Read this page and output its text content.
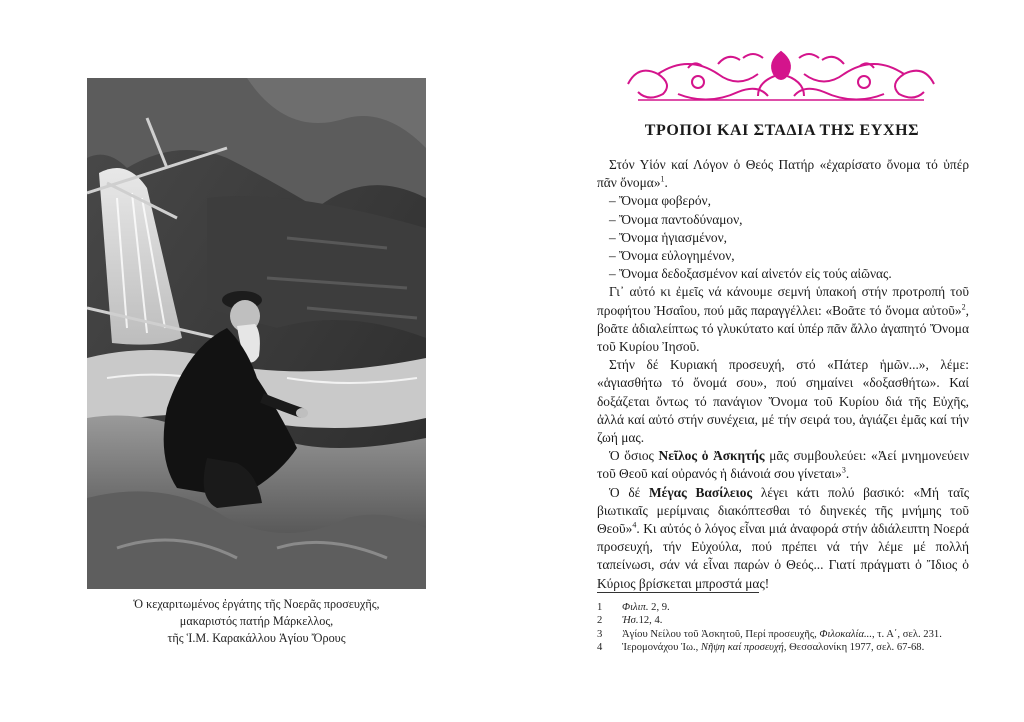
Ὁ κεχαριτωμένος ἐργάτης τῆς Νοερᾶς προσευχῆς,
μακαριστός πατήρ Μάρκελλος,
τῆς Ἱ.Μ. Καρακάλλου Ἁγίου Ὄρους
ΤΡΟΠΟΙ ΚΑΙ ΣΤΑΔΙΑ ΤΗΣ ΕΥΧΗΣ

Στόν Υἱόν καί Λόγον ὁ Θεός Πατήρ «ἐχαρίσατο ὄνομα τό ὑπέρ πᾶν ὄνομα»$^1$.

– Ὄνομα φοβερόν,
– Ὄνομα παντοδύναμον,
– Ὄνομα ἡγιασμένον,
– Ὄνομα εὐλογημένον,
– Ὄνομα δεδοξασμένον καί αἰνετόν εἰς τούς αἰῶνας.

Γι᾽ αὐτό κι ἐμεῖς νά κάνουμε σεμνή ὑπακοή στήν προτροπή τοῦ προφήτου Ἠσαΐου, πού μᾶς παραγγέλλει: «Βοᾶτε τό ὄνομα αὐτοῦ»$^2$, βοᾶτε ἀδιαλείπτως τό γλυκύτατο καί ὑπέρ πᾶν ἄλλο ἀγαπητό Ὄνομα τοῦ Κυρίου Ἰησοῦ.

Στήν δέ Κυριακή προσευχή, στό «Πάτερ ἡμῶν...», λέμε: «ἁγιασθήτω τό ὄνομά σου», πού σημαίνει «δοξασθήτω». Καί δοξάζεται ὄντως τό πανάγιον Ὄνομα τοῦ Κυρίου διά τῆς Εὐχῆς, ἀλλά καί αὐτό στήν συνέχεια, μέ τήν σειρά του, ἁγιάζει ἐμᾶς καί τήν ζωή μας.

Ὁ ὅσιος Νεῖλος ὁ Ἀσκητής μᾶς συμβουλεύει: «Ἀεί μνημονεύειν τοῦ Θεοῦ καί οὐρανός ἡ διάνοιά σου γίνεται»$^3$.

Ὁ δέ Μέγας Βασίλειος λέγει κάτι πολύ βασικό: «Μή ταῖς βιωτικαῖς μερίμναις διακόπτεσθαι τό διηνεκές τῆς μνήμης τοῦ Θεοῦ»$^4$. Κι αὐτός ὁ λόγος εἶναι μιά ἀναφορά στήν ἀδιάλειπτη Νοερά προσευχή, τήν Εὐχούλα, πού πρέπει νά τήν λέμε μέ πολλή ταπείνωσι, σάν νά εἶναι παρών ὁ Θεός... Γιατί πράγματι ὁ Ἴδιος ὁ Κύριος βρίσκεται μπροστά μας!

1	Φιλιπ. 2, 9.
2	Ἠσ.12, 4.
3	Ἁγίου Νείλου τοῦ Ἀσκητοῦ, Περί προσευχῆς, Φιλοκαλία..., τ. Α΄, σελ. 231.
4	Ἱερομονάχου Ἰω., Νῆψη καί προσευχή, Θεσσαλονίκη 1977, σελ. 67-68.
